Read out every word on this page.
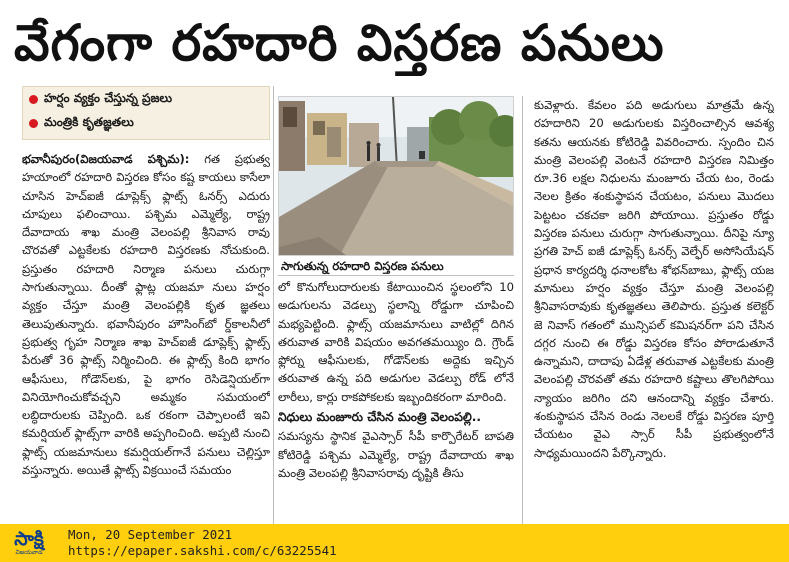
వేగంగా రహదారి విస్తరణ పనులు
హర్షం వ్యక్తం చేస్తున్న ప్రజలు
మంత్రికి కృతజ్ఞతలు

భవానీపురం(విజయవాడ పశ్చిమ): గత ప్రభుత్వ హయాంలో రహదారి విస్తరణ కోసం కష్ట కాయలు కాసేలా చూసిన హెచ్ఐజీ డూప్లెక్స్ ఫ్లాట్స్ ఓనర్స్ ఎదురు చూపులు ఫలించాయి. పశ్చిమ ఎమ్మెల్యే, రాష్ట్ర దేవాదాయ శాఖ మంత్రి వెలంపల్లి శ్రీనివాస రావు చొరవతో ఎట్టకేలకు రహదారి విస్తరణకు నోచుకుంది. ప్రస్తుతం రహదారి నిర్మాణ పనులు చురుగ్గా సాగుతున్నాయి. దీంతో ఫ్లాట్ల యజమా నులు హర్షం వ్యక్తం చేస్తూ మంత్రి వెలంపల్లికి కృత జ్ఞతలు తెలుపుతున్నారు. భవానీపురం హౌసింగ్‌బో ర్డ్‌కాలనీలో ప్రభుత్వ గృహ నిర్మాణ శాఖ హెచ్ఐజీ డూప్లెక్స్ ఫ్లాట్స్ పేరుతో 36 ఫ్లాట్స్ నిర్మించింది. ఈ ఫ్లాట్స్ కింది భాగం ఆఫీసులు, గోడౌన్‌లకు, పై భాగం రెసిడెన్షియల్‌గా వినియోగించుకోవచ్చని అమ్మకం సమయంలో లబ్ధిదారులకు చెప్పింది. ఒక రకంగా చెప్పాలంటే ఇవి కమర్షియల్ ఫ్లాట్స్‌గా వారికి అప్పగించింది. అప్పటి నుంచి ఫ్లాట్స్ యజమానులు కమర్షియల్‌గానే పనులు చెల్లిస్తూ వస్తున్నారు. అయితే ఫ్లాట్స్ విక్రయించే సమయం

సాగుతున్న రహదారి విస్తరణ పనులు

లో కొనుగోలుదారులకు కేటాయించిన స్థలంలోని 10 అడుగులను వెడల్పు స్థలాన్ని రోడ్డుగా చూపించి మభ్యపెట్టింది. ఫ్లాట్స్ యజమానులు వాటిల్లో దిగిన తరువాత వారికి విషయం అవగతమయ్యిం ది. గ్రౌండ్ ఫ్లోర్ను ఆఫీసులకు, గోడౌన్‌లకు అద్దెకు ఇచ్చిన తరువాత ఉన్న పది అడుగుల వెడల్పు రోడ్ లోనే లారీలు, కార్లు రాకపోకలకు ఇబ్బందికరంగా మారింది.

నిధులు మంజూరు చేసిన మంత్రి వెలంపల్లి..

సమస్యను స్థానిక వైఎస్సార్ సీపీ కార్పొరేటర్ బాపతి కోటిరెడ్డి పశ్చిమ ఎమ్మెల్యే, రాష్ట్ర దేవాదాయ శాఖ మంత్రి వెలంపల్లి శ్రీనివాసరావు దృష్టికి తీసు

కువెళ్లారు. కేవలం పది అడుగులు మాత్రమే ఉన్న రహదారిని 20 అడుగులకు విస్తరించాల్సిన ఆవశ్య కతను ఆయనకు కోటిరెడ్డి వివరించారు. స్పందిం చిన మంత్రి వెలంపల్లి వెంటనే రహదారి విస్తరణ నిమిత్తం రూ.36 లక్షల నిధులను మంజూరు చేయ టం, రెండు నెలల క్రితం శంకుస్థాపన చేయటం, పనులు మొదలు పెట్టటం చకచకా జరిగి పోయాయి. ప్రస్తుతం రోడ్డు విస్తరణ పనులు చురుగ్గా సాగుతున్నాయి. దీనిపై న్యూ ప్రగతి హెచ్ ఐజీ డూప్లెక్స్ ఓనర్స్ వెల్ఫేర్ అసోసియేషన్ ప్రధాన కార్యదర్శి ధనాలకోట శోభన్‌బాబు, ఫ్లాట్స్ యజ మానులు హర్షం వ్యక్తం చేస్తూ మంత్రి వెలంపల్లి శ్రీనివాసరావుకు కృతజ్ఞతలు తెలిపారు. ప్రస్తుత కలెక్టర్ జె నివాస్ గతంలో మున్సిపల్ కమిషనర్‌గా పని చేసిన దగ్గర నుంచి ఈ రోడ్డు విస్తరణ కోసం పోరాడుతూనే ఉన్నామని, దాదాపు ఏడేళ్ల తరువాత ఎట్టకేలకు మంత్రి వెలంపల్లి చొరవతో తమ రహదారి కష్టాలు తొలగిపోయి న్యాయం జరిగిం దని ఆనందాన్ని వ్యక్తం చేశారు. శంకుస్థాపన చేసిన రెండు నెలలకే రోడ్డు విస్తరణ పూర్తి చేయటం వైఎ స్సార్ సీపీ ప్రభుత్వంలోనే సాధ్యమయిందని పేర్కొన్నారు.

సాక్షి
విజయవాడ
Mon, 20 September 2021
https://epaper.sakshi.com/c/63225541
